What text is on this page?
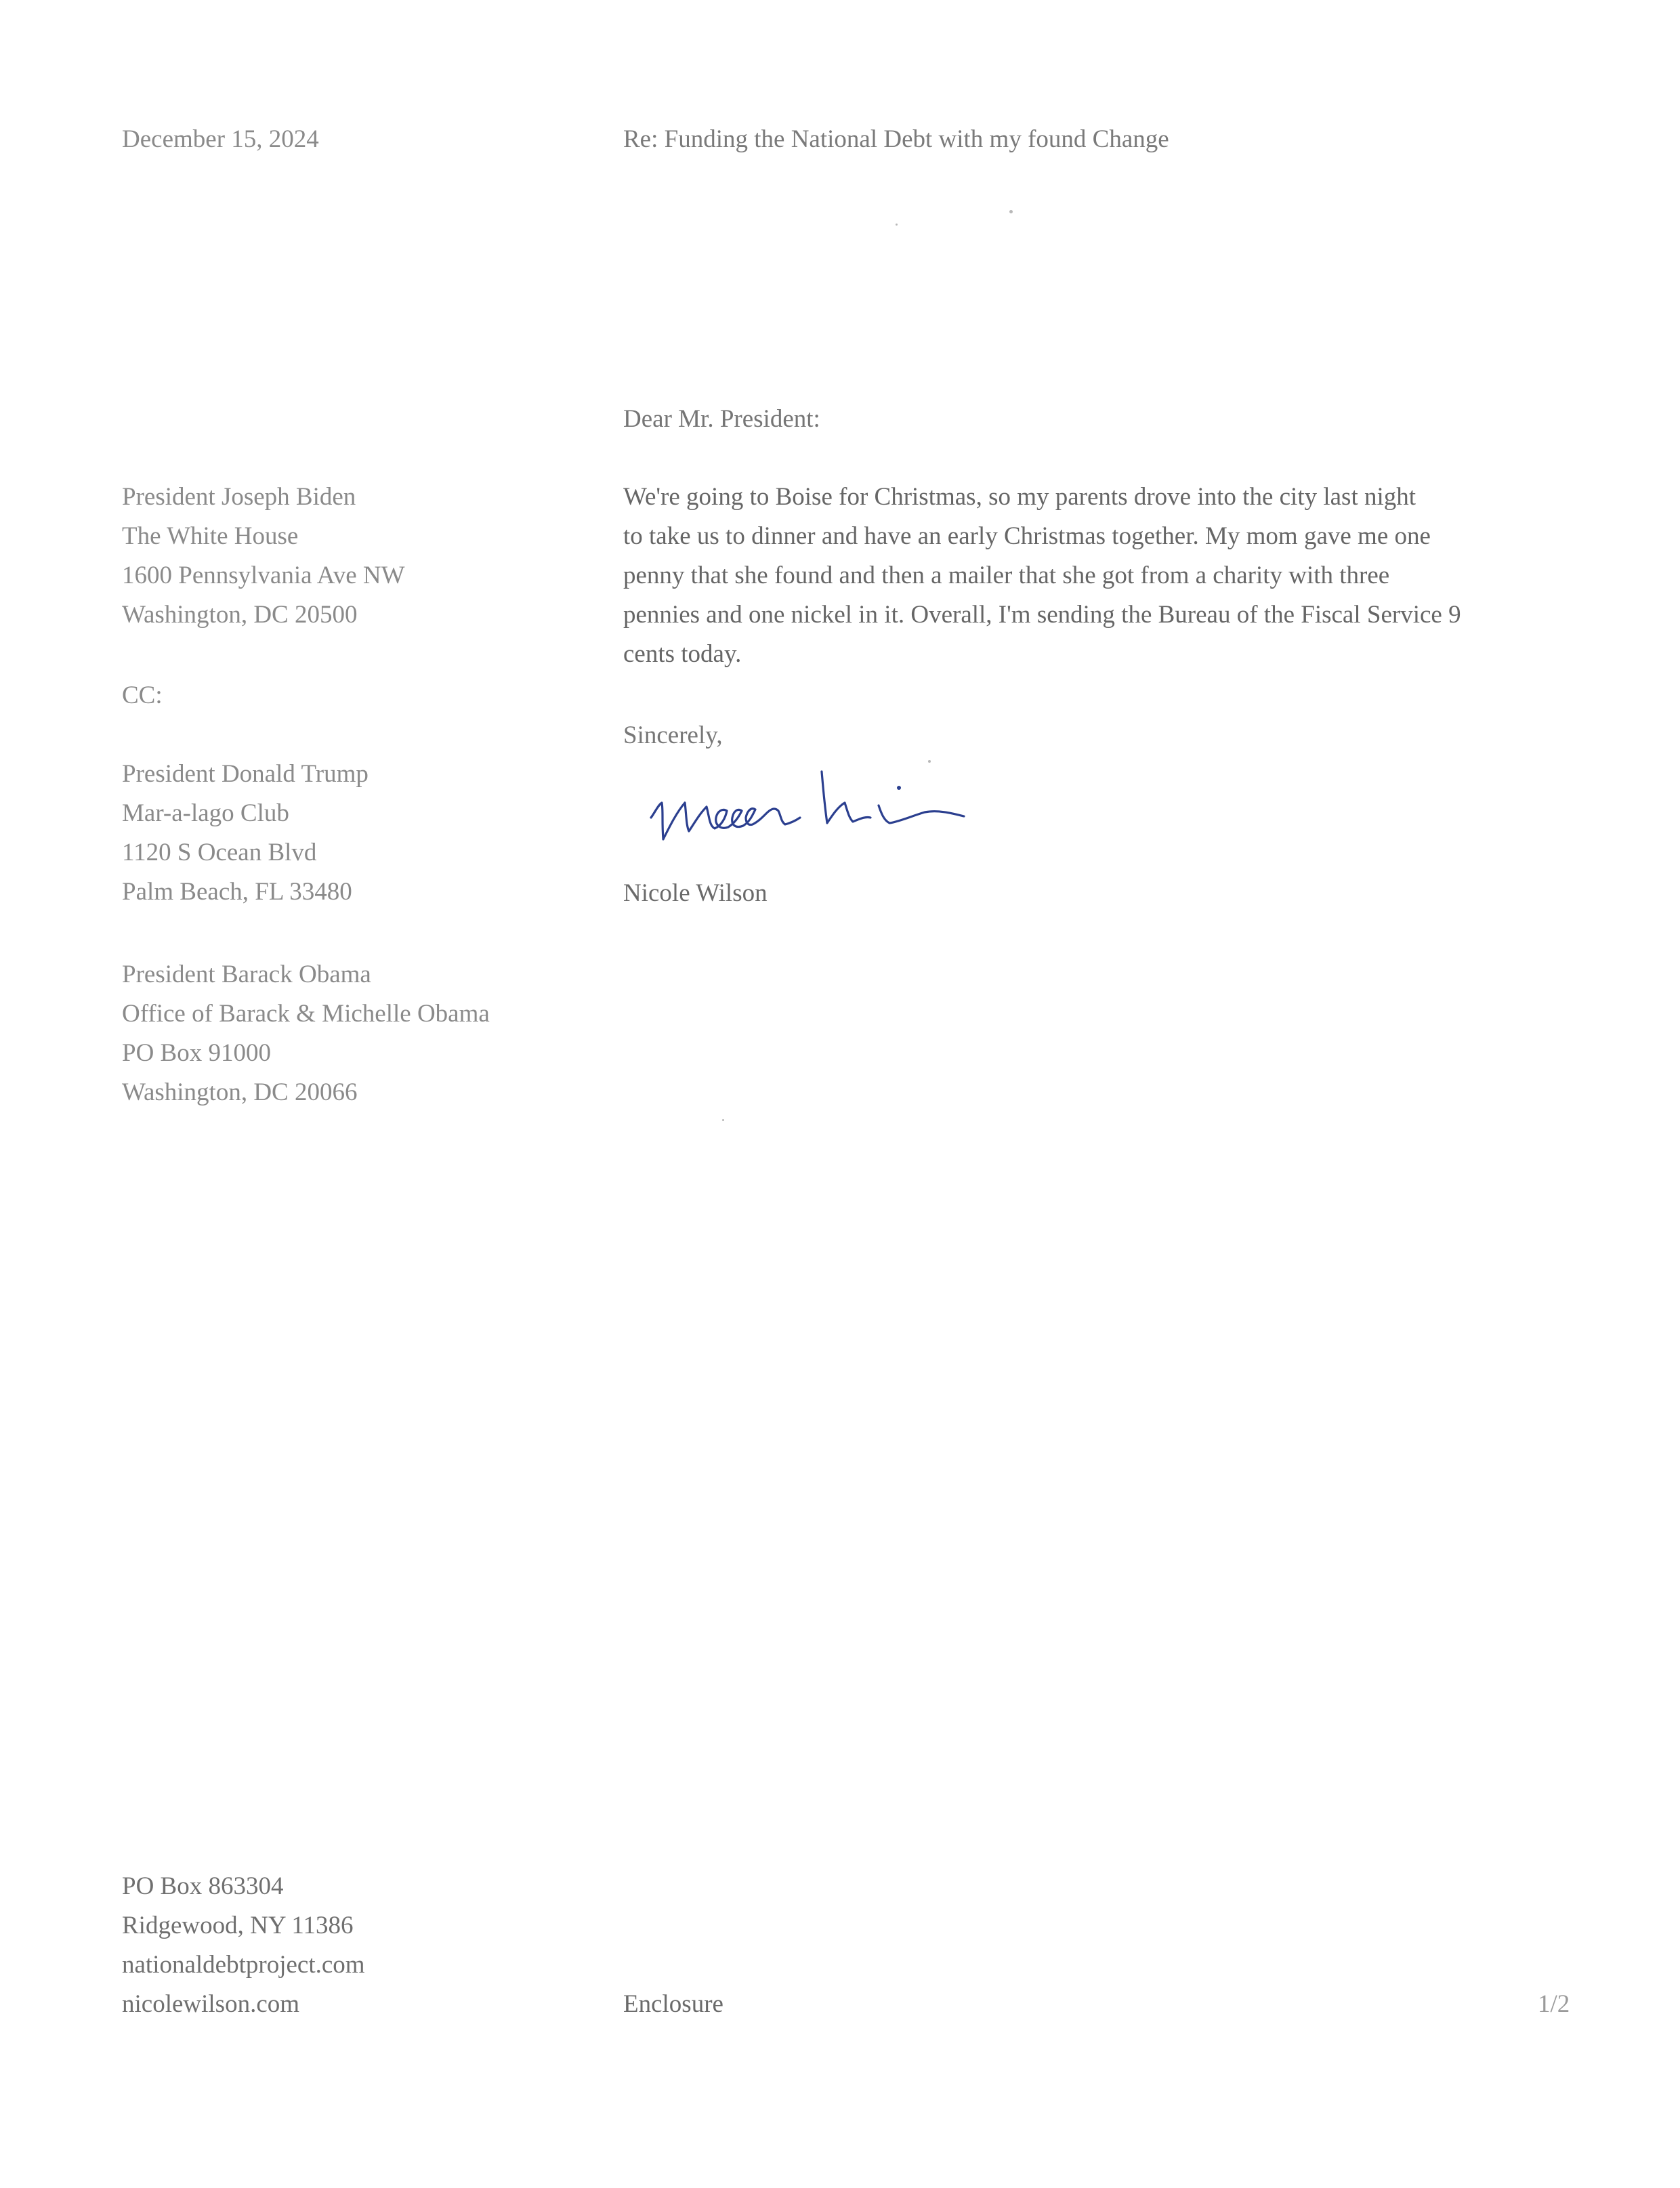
December 15, 2024	Re: Funding the National Debt with my found Change
Dear Mr. President:
President Joseph Biden
The White House
1600 Pennsylvania Ave NW
Washington, DC 20500
We're going to Boise for Christmas, so my parents drove into the city last night
to take us to dinner and have an early Christmas together. My mom gave me one
penny that she found and then a mailer that she got from a charity with three
pennies and one nickel in it. Overall, I'm sending the Bureau of the Fiscal Service 9
cents today.
CC:
President Donald Trump
Mar-a-lago Club
1120 S Ocean Blvd
Palm Beach, FL 33480
President Barack Obama
Office of Barack & Michelle Obama
PO Box 91000
Washington, DC 20066
Sincerely,
Nicole Wilson
PO Box 863304
Ridgewood, NY 11386
nationaldebtproject.com
nicolewilson.com	Enclosure	1/2
